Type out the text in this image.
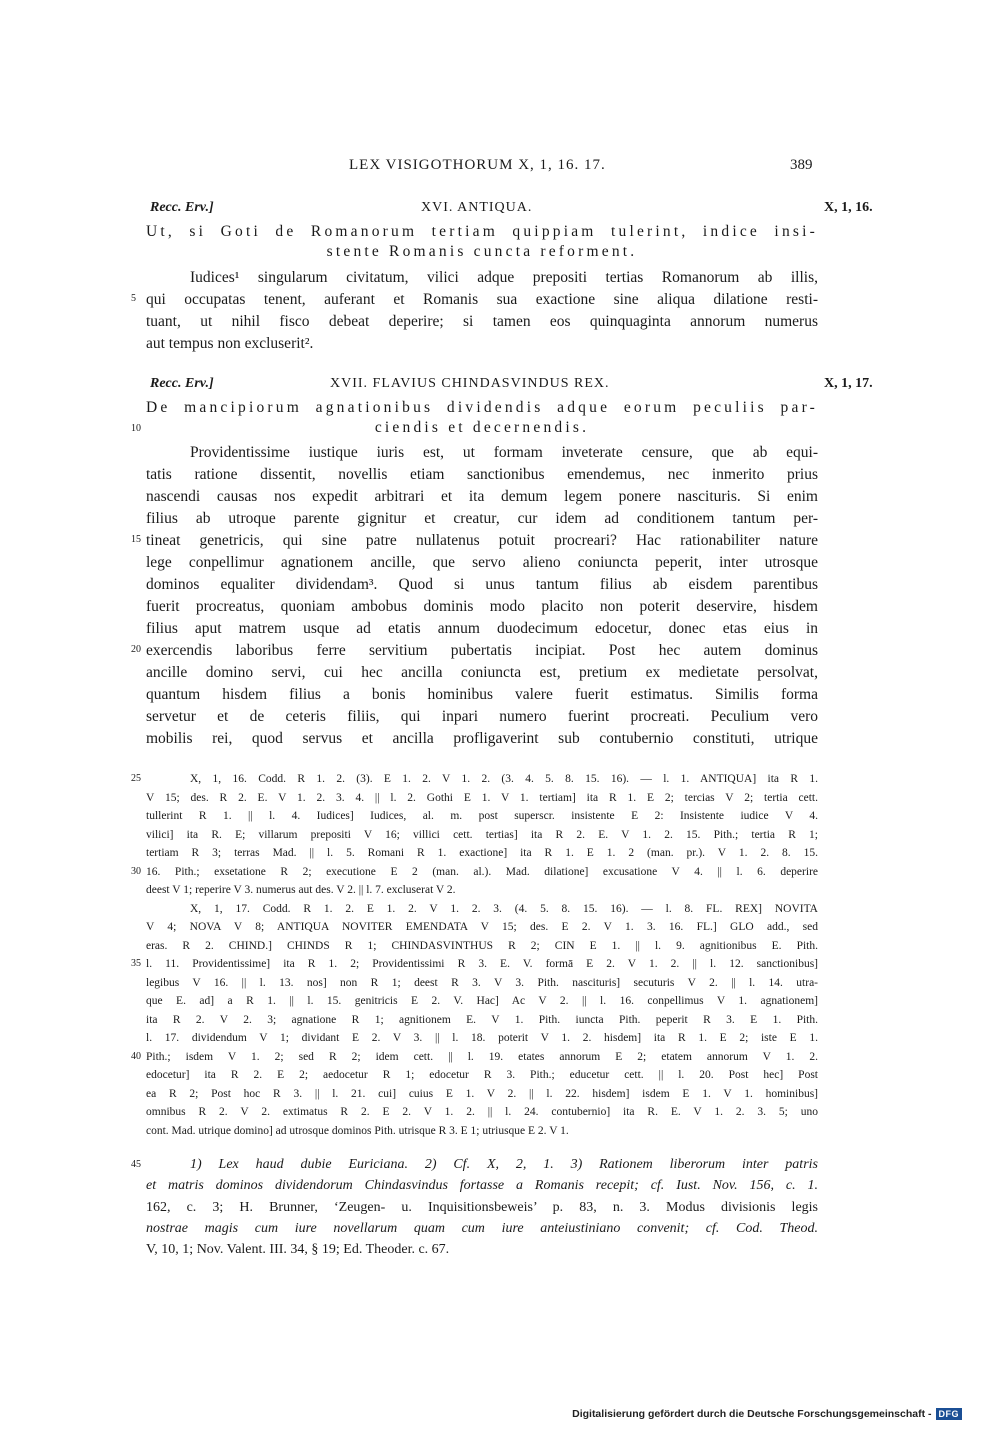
LEX VISIGOTHORUM X, 1, 16. 17.	389
Recc. Erv.]	XVI. ANTIQUA.	X, 1, 16.
Ut, si Goti de Romanorum tertiam quippiam tulerint, indice insi-
stente Romanis cuncta reforment.
Iudices¹ singularum civitatum, vilici adque prepositi tertias Romanorum ab illis,
5 qui occupatas tenent, auferant et Romanis sua exactione sine aliqua dilatione resti-
tuant, ut nihil fisco debeat deperire; si tamen eos quinquaginta annorum numerus
aut tempus non excluserit².
Recc. Erv.]	XVII. FLAVIUS CHINDASVINDUS REX.	X, 1, 17.
De mancipiorum agnationibus dividendis adque eorum peculiis par-
10	ciendis et decernendis.
Providentissime iustique iuris est, ut formam inveterate censure, que ab equi-
tatis ratione dissentit, novellis etiam sanctionibus emendemus, nec inmerito prius
nascendi causas nos expedit arbitrari et ita demum legem ponere nascituris. Si enim
filius ab utroque parente gignitur et creatur, cur idem ad conditionem tantum per-
15 tineat genetricis, qui sine patre nullatenus potuit procreari? Hac rationabiliter nature
lege conpellimur agnationem ancille, que servo alieno coniuncta peperit, inter utrosque
dominos equaliter dividendam³. Quod si unus tantum filius ab eisdem parentibus
fuerit procreatus, quoniam ambobus dominis modo placito non poterit deservire, hisdem
filius aput matrem usque ad etatis annum duodecimum edocetur, donec etas eius in
20 exercendis laboribus ferre servitium pubertatis incipiat. Post hec autem dominus
ancille domino servi, cui hec ancilla coniuncta est, pretium ex medietate persolvat,
quantum hisdem filius a bonis hominibus valere fuerit estimatus. Similis forma
servetur et de ceteris filiis, qui inpari numero fuerint procreati. Peculium vero
mobilis rei, quod servus et ancilla profligaverint sub contubernio constituti, utrique
25	X, 1, 16. Codd. R 1. 2. (3). E 1. 2. V 1. 2. (3. 4. 5. 8. 15. 16). — l. 1. ANTIQUA] ita R 1.
V 15; des. R 2. E. V 1. 2. 3. 4. || l. 2. Gothi E 1. V 1. tertiam] ita R 1. E 2; tercias V 2; tertia cett.
tullerint R 1. || l. 4. Iudices] Iudices, al. m. post superscr. insistente E 2: Insistente iudice V 4.
vilici] ita R. E; villarum prepositi V 16; villici cett. tertias] ita R 2. E. V 1. 2. 15. Pith.; tertia R 1;
tertiam R 3; terras Mad. || l. 5. Romani R 1. exactione] ita R 1. E 1. 2 (man. pr.). V 1. 2. 8. 15.
30 16. Pith.; exsetatione R 2; executione E 2 (man. al.). Mad. dilatione] excusatione V 4. || l. 6. deperire
deest V 1; reperire V 3. numerus aut des. V 2. || l. 7. excluserat V 2.
X, 1, 17. Codd. R 1. 2. E 1. 2. V 1. 2. 3. (4. 5. 8. 15. 16). — l. 8. FL. REX] NOVITA
V 4; NOVA V 8; ANTIQUA NOVITER EMENDATA V 15; des. E 2. V 1. 3. 16. FL.] GLO add., sed
eras. R 2. CHIND.] CHINDS R 1; CHINDASVINTHUS R 2; CIN E 1. || l. 9. agnitionibus E. Pith.
35 l. 11. Providentissime] ita R 1. 2; Providentissimi R 3. E. V. formā E 2. V 1. 2. || l. 12. sanctionibus]
legibus V 16. || l. 13. nos] non R 1; deest R 3. V 3. Pith. nascituris] secuturis V 2. || l. 14. utra-
que E. ad] a R 1. || l. 15. genitricis E 2. V. Hac] Ac V 2. || l. 16. conpellimus V 1. agnationem]
ita R 2. V 2. 3; agnatione R 1; agnitionem E. V 1. Pith. iuncta Pith. peperit R 3. E 1. Pith.
l. 17. dividendum V 1; dividant E 2. V 3. || l. 18. poterit V 1. 2. hisdem] ita R 1. E 2; iste E 1.
40 Pith.; isdem V 1. 2; sed R 2; idem cett. || l. 19. etates annorum E 2; etatem annorum V 1. 2.
edocetur] ita R 2. E 2; aedocetur R 1; edocetur R 3. Pith.; educetur cett. || l. 20. Post hec] Post
ea R 2; Post hoc R 3. || l. 21. cui] cuius E 1. V 2. || l. 22. hisdem] isdem E 1. V 1. hominibus]
omnibus R 2. V 2. extimatus R 2. E 2. V 1. 2. || l. 24. contubernio] ita R. E. V 1. 2. 3. 5; uno
cont. Mad. utrique domino] ad utrosque dominos Pith. utrisque R 3. E 1; utriusque E 2. V 1.
45	1) Lex haud dubie Euriciana. 2) Cf. X, 2, 1. 3) Rationem liberorum inter patris
et matris dominos dividendorum Chindasvindus fortasse a Romanis recepit; cf. Iust. Nov. 156, c. 1.
162, c. 3; H. Brunner, ‘Zeugen- u. Inquisitionsbeweis’ p. 83, n. 3. Modus divisionis legis
nostrae magis cum iure novellarum quam cum iure anteiustiniano convenit; cf. Cod. Theod.
V, 10, 1; Nov. Valent. III. 34, § 19; Ed. Theoder. c. 67.
Digitalisierung gefördert durch die Deutsche Forschungsgemeinschaft - DFG
